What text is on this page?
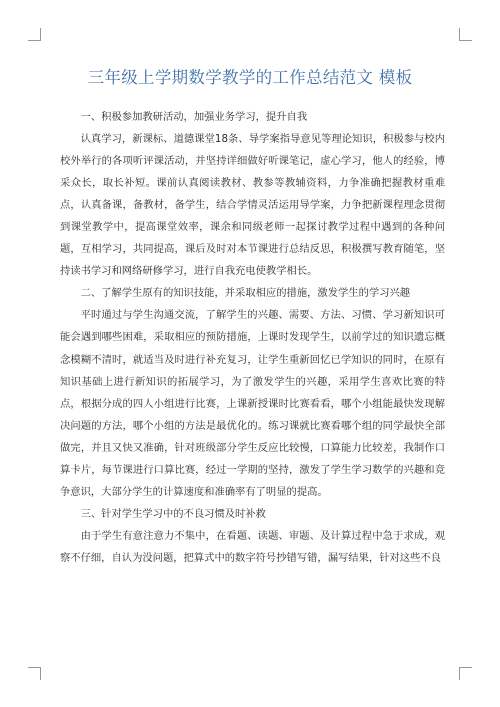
三年级上学期数学教学的工作总结范文 模板

一、积极参加教研活动，加强业务学习，提升自我

认真学习，新课标、道德课堂18条、导学案指导意见等理论知识，积极参与校内校外举行的各项听评课活动，并坚持详细做好听课笔记，虚心学习，他人的经验，博采众长，取长补短。课前认真阅读教材、教参等教辅资料，力争准确把握教材重难点，认真备课，备教材，备学生，结合学情灵活运用导学案，力争把新课程理念贯彻到课堂教学中，提高课堂效率，课余和同级老师一起探讨教学过程中遇到的各种问题，互相学习，共同提高，课后及时对本节课进行总结反思，积极撰写教育随笔，坚持读书学习和网络研修学习，进行自我充电使教学相长。

二、了解学生原有的知识技能，并采取相应的措施，激发学生的学习兴趣

平时通过与学生沟通交流，了解学生的兴趣、需要、方法、习惯、学习新知识可能会遇到哪些困难，采取相应的预防措施，上课时发现学生，以前学过的知识遗忘概念模糊不清时，就适当及时进行补充复习，让学生重新回忆已学知识的同时，在原有知识基础上进行新知识的拓展学习，为了激发学生的兴趣，采用学生喜欢比赛的特点，根据分成的四人小组进行比赛，上课新授课时比赛看看，哪个小组能最快发现解决问题的方法，哪个小组的方法是最优化的。练习课就比赛看哪个组的同学最快全部做完，并且又快又准确，针对班级部分学生反应比较慢，口算能力比较差，我制作口算卡片，每节课进行口算比赛，经过一学期的坚持，激发了学生学习数学的兴趣和竞争意识，大部分学生的计算速度和准确率有了明显的提高。

三、针对学生学习中的不良习惯及时补救

由于学生有意注意力不集中，在看题、读题、审题、及计算过程中急于求成，观察不仔细，自认为没问题，把算式中的数字符号抄错写错，漏写结果，针对这些不良
